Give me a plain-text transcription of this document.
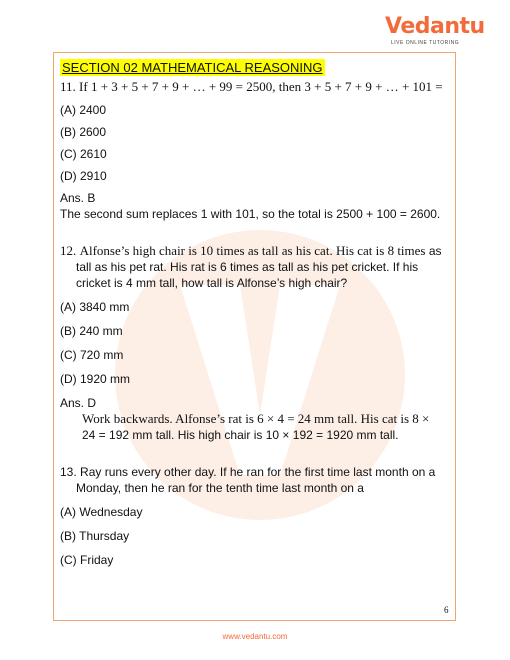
Vedantu
LIVE ONLINE TUTORING
SECTION 02 MATHEMATICAL REASONING
11. If 1 + 3 + 5 + 7 + 9 + … + 99 = 2500, then 3 + 5 + 7 + 9 + … + 101 =
(A) 2400
(B) 2600
(C) 2610
(D) 2910
Ans. B
The second sum replaces 1 with 101, so the total is 2500 + 100 = 2600.
12. Alfonse’s high chair is 10 times as tall as his cat. His cat is 8 times as tall as his pet rat. His rat is 6 times as tall as his pet cricket. If his cricket is 4 mm tall, how tall is Alfonse’s high chair?
(A) 3840 mm
(B) 240 mm
(C) 720 mm
(D) 1920 mm
Ans. D
Work backwards. Alfonse’s rat is 6 × 4 = 24 mm tall. His cat is 8 ×
24 = 192 mm tall. His high chair is 10 × 192 = 1920 mm tall.
13. Ray runs every other day. If he ran for the first time last month on a Monday, then he ran for the tenth time last month on a
(A) Wednesday
(B) Thursday
(C) Friday
6
www.vedantu.com
